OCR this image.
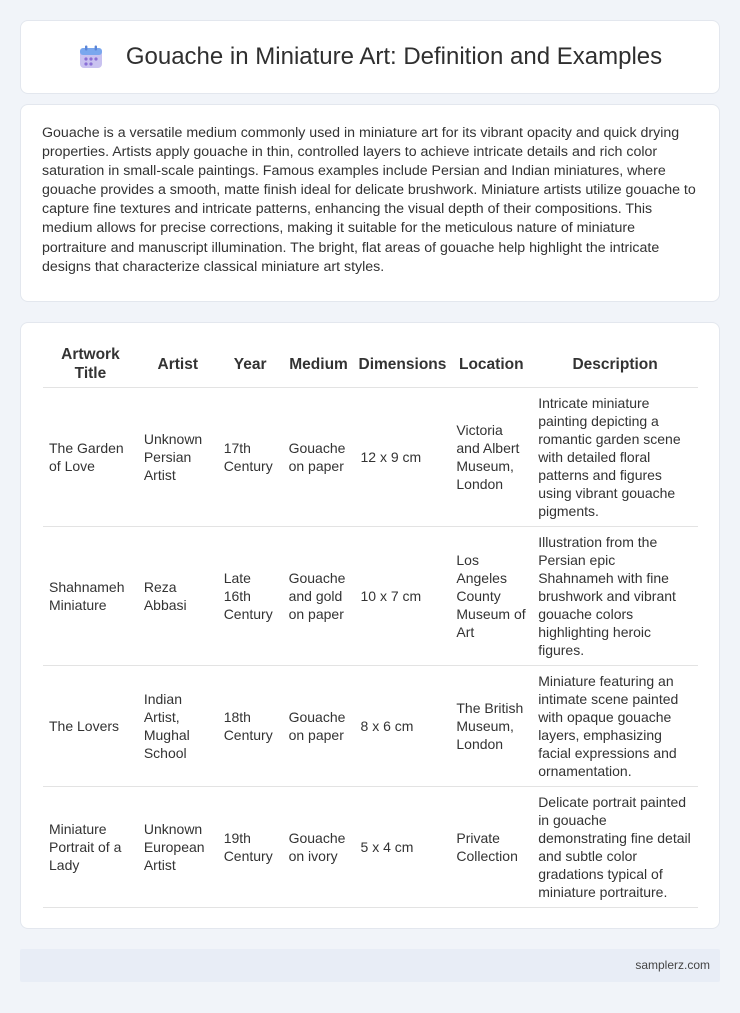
Gouache in Miniature Art: Definition and Examples

Gouache is a versatile medium commonly used in miniature art for its vibrant opacity and quick drying properties. Artists apply gouache in thin, controlled layers to achieve intricate details and rich color saturation in small-scale paintings. Famous examples include Persian and Indian miniatures, where gouache provides a smooth, matte finish ideal for delicate brushwork. Miniature artists utilize gouache to capture fine textures and intricate patterns, enhancing the visual depth of their compositions. This medium allows for precise corrections, making it suitable for the meticulous nature of miniature portraiture and manuscript illumination. The bright, flat areas of gouache help highlight the intricate designs that characterize classical miniature art styles.

Artwork Title	Artist	Year	Medium	Dimensions	Location	Description
The Garden of Love	Unknown Persian Artist	17th Century	Gouache on paper	12 x 9 cm	Victoria and Albert Museum, London	Intricate miniature painting depicting a romantic garden scene with detailed floral patterns and figures using vibrant gouache pigments.
Shahnameh Miniature	Reza Abbasi	Late 16th Century	Gouache and gold on paper	10 x 7 cm	Los Angeles County Museum of Art	Illustration from the Persian epic Shahnameh with fine brushwork and vibrant gouache colors highlighting heroic figures.
The Lovers	Indian Artist, Mughal School	18th Century	Gouache on paper	8 x 6 cm	The British Museum, London	Miniature featuring an intimate scene painted with opaque gouache layers, emphasizing facial expressions and ornamentation.
Miniature Portrait of a Lady	Unknown European Artist	19th Century	Gouache on ivory	5 x 4 cm	Private Collection	Delicate portrait painted in gouache demonstrating fine detail and subtle color gradations typical of miniature portraiture.
samplerz.com
